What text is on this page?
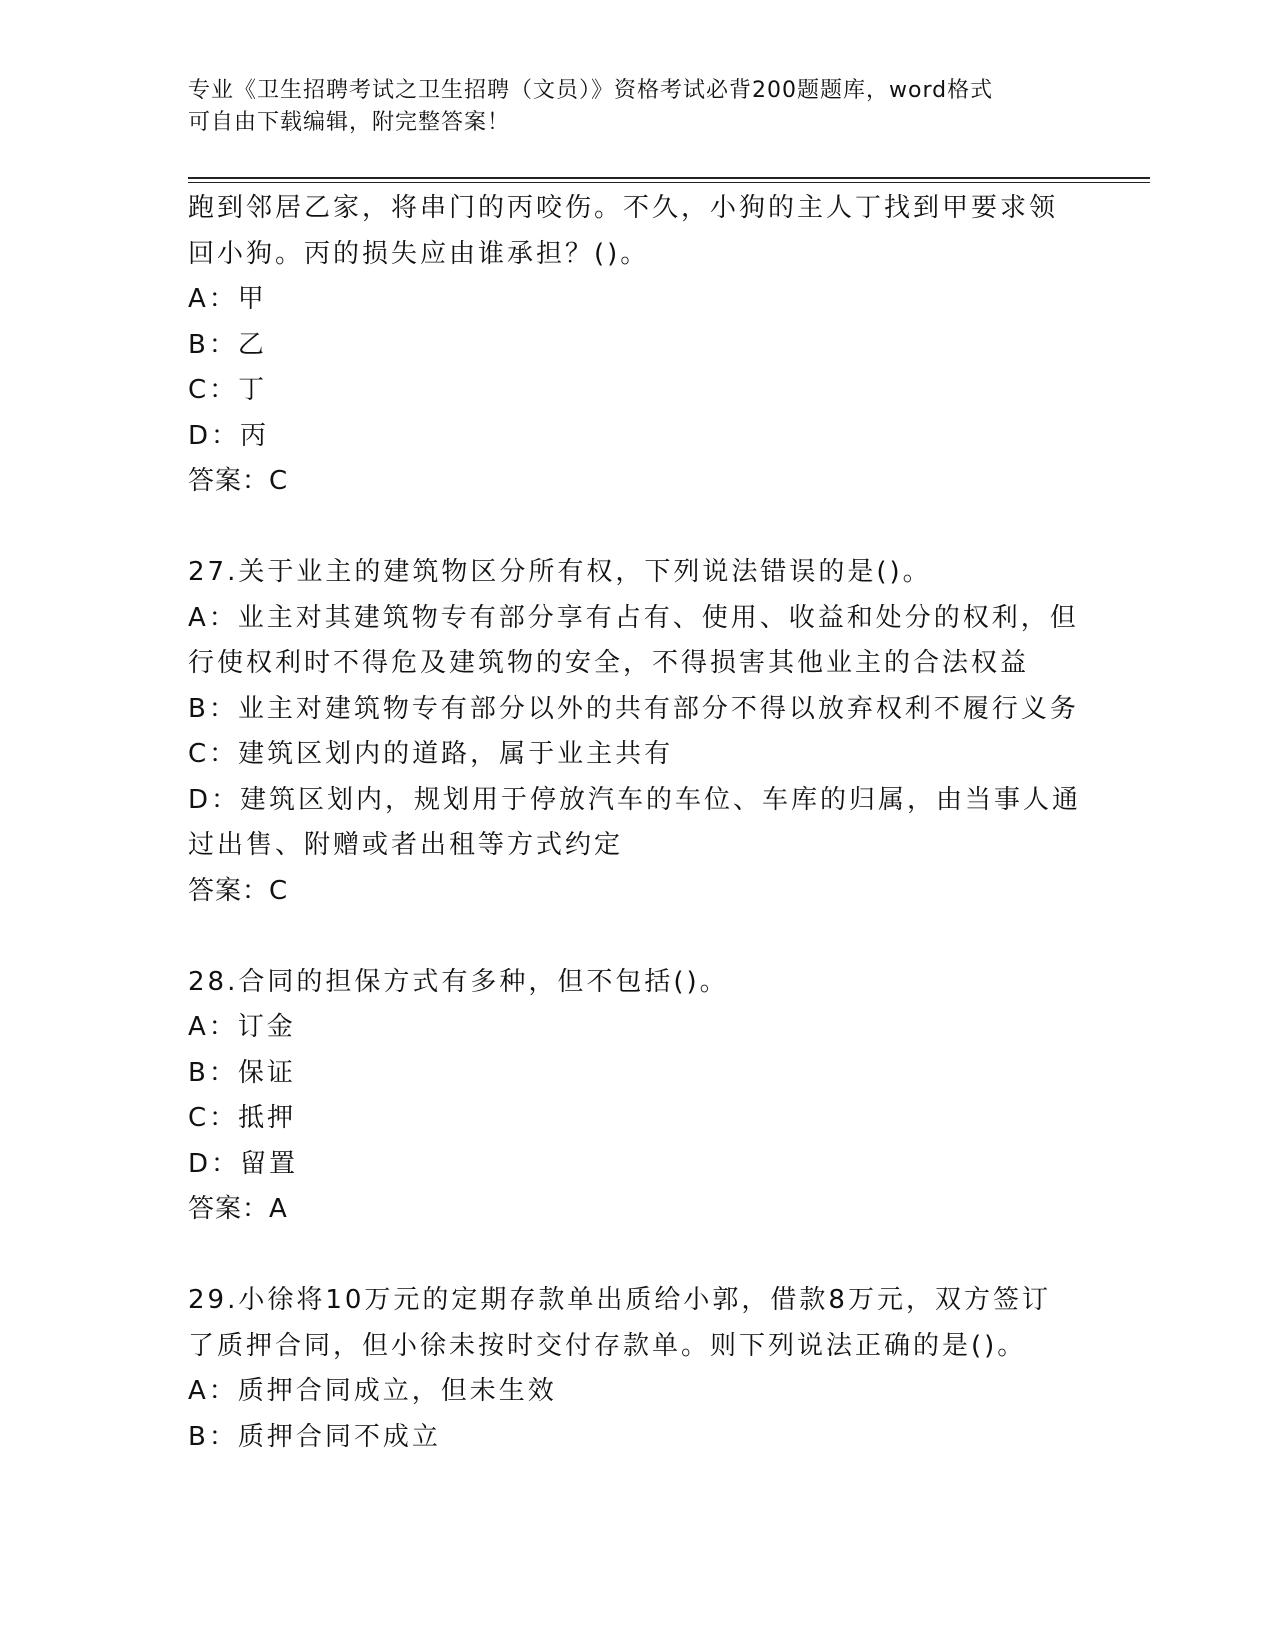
专业《卫生招聘考试之卫生招聘（文员）》资格考试必背200题题库，word格式
可自由下载编辑，附完整答案！
跑到邻居乙家，将串门的丙咬伤。不久，小狗的主人丁找到甲要求领
回小狗。丙的损失应由谁承担？()。
A：甲
B：乙
C：丁
D：丙
答案：C
27.关于业主的建筑物区分所有权，下列说法错误的是()。
A：业主对其建筑物专有部分享有占有、使用、收益和处分的权利，但
行使权利时不得危及建筑物的安全，不得损害其他业主的合法权益
B：业主对建筑物专有部分以外的共有部分不得以放弃权利不履行义务
C：建筑区划内的道路，属于业主共有
D：建筑区划内，规划用于停放汽车的车位、车库的归属，由当事人通
过出售、附赠或者出租等方式约定
答案：C
28.合同的担保方式有多种，但不包括()。
A：订金
B：保证
C：抵押
D：留置
答案：A
29.小徐将10万元的定期存款单出质给小郭，借款8万元，双方签订
了质押合同，但小徐未按时交付存款单。则下列说法正确的是()。
A：质押合同成立，但未生效
B：质押合同不成立
